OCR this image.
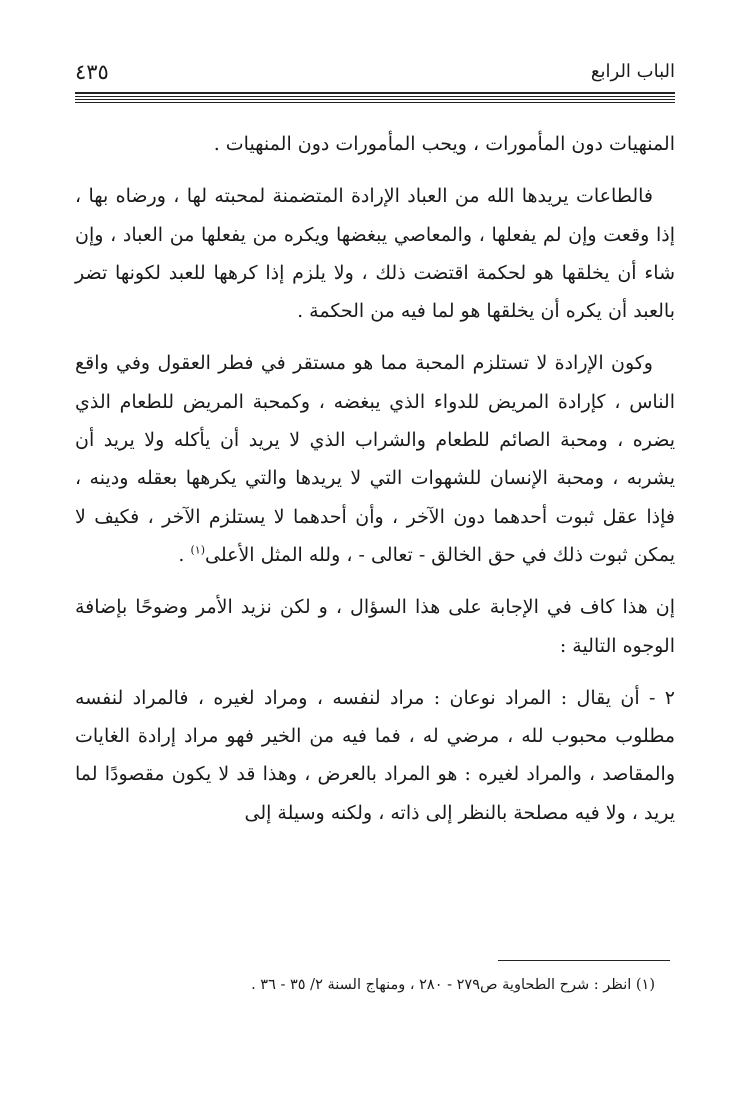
٤٣٥	الباب الرابع

المنهيات دون المأمورات ، ويحب المأمورات دون المنهيات .

فالطاعات يريدها الله من العباد الإرادة المتضمنة لمحبته لها ، ورضاه بها ، إذا وقعت وإن لم يفعلها ، والمعاصي يبغضها ويكره من يفعلها من العباد ، وإن شاء أن يخلقها هو لحكمة اقتضت ذلك ، ولا يلزم إذا كرهها للعبد لكونها تضر بالعبد أن يكره أن يخلقها هو لما فيه من الحكمة .

وكون الإرادة لا تستلزم المحبة مما هو مستقر في فطر العقول وفي واقع الناس ، كإرادة المريض للدواء الذي يبغضه ، وكمحبة المريض للطعام الذي يضره ، ومحبة الصائم للطعام والشراب الذي لا يريد أن يأكله ولا يريد أن يشربه ، ومحبة الإنسان للشهوات التي لا يريدها والتي يكرهها بعقله ودينه ، فإذا عقل ثبوت أحدهما دون الآخر ، وأن أحدهما لا يستلزم الآخر ، فكيف لا يمكن ثبوت ذلك في حق الخالق - تعالى - ، ولله المثل الأعلى$^{(١)}$ .

إن هذا كاف في الإجابة على هذا السؤال ، و لكن نزيد الأمر وضوحًا بإضافة الوجوه التالية :

٢ - أن يقال : المراد نوعان : مراد لنفسه ، ومراد لغيره ، فالمراد لنفسه مطلوب محبوب لله ، مرضي له ، فما فيه من الخير فهو مراد إرادة الغايات والمقاصد ، والمراد لغيره : هو المراد بالعرض ، وهذا قد لا يكون مقصودًا لما يريد ، ولا فيه مصلحة بالنظر إلى ذاته ، ولكنه وسيلة إلى

(١) انظر : شرح الطحاوية ص٢٧٩ - ٢٨٠ ، ومنهاج السنة ٢/ ٣٥ - ٣٦ .
